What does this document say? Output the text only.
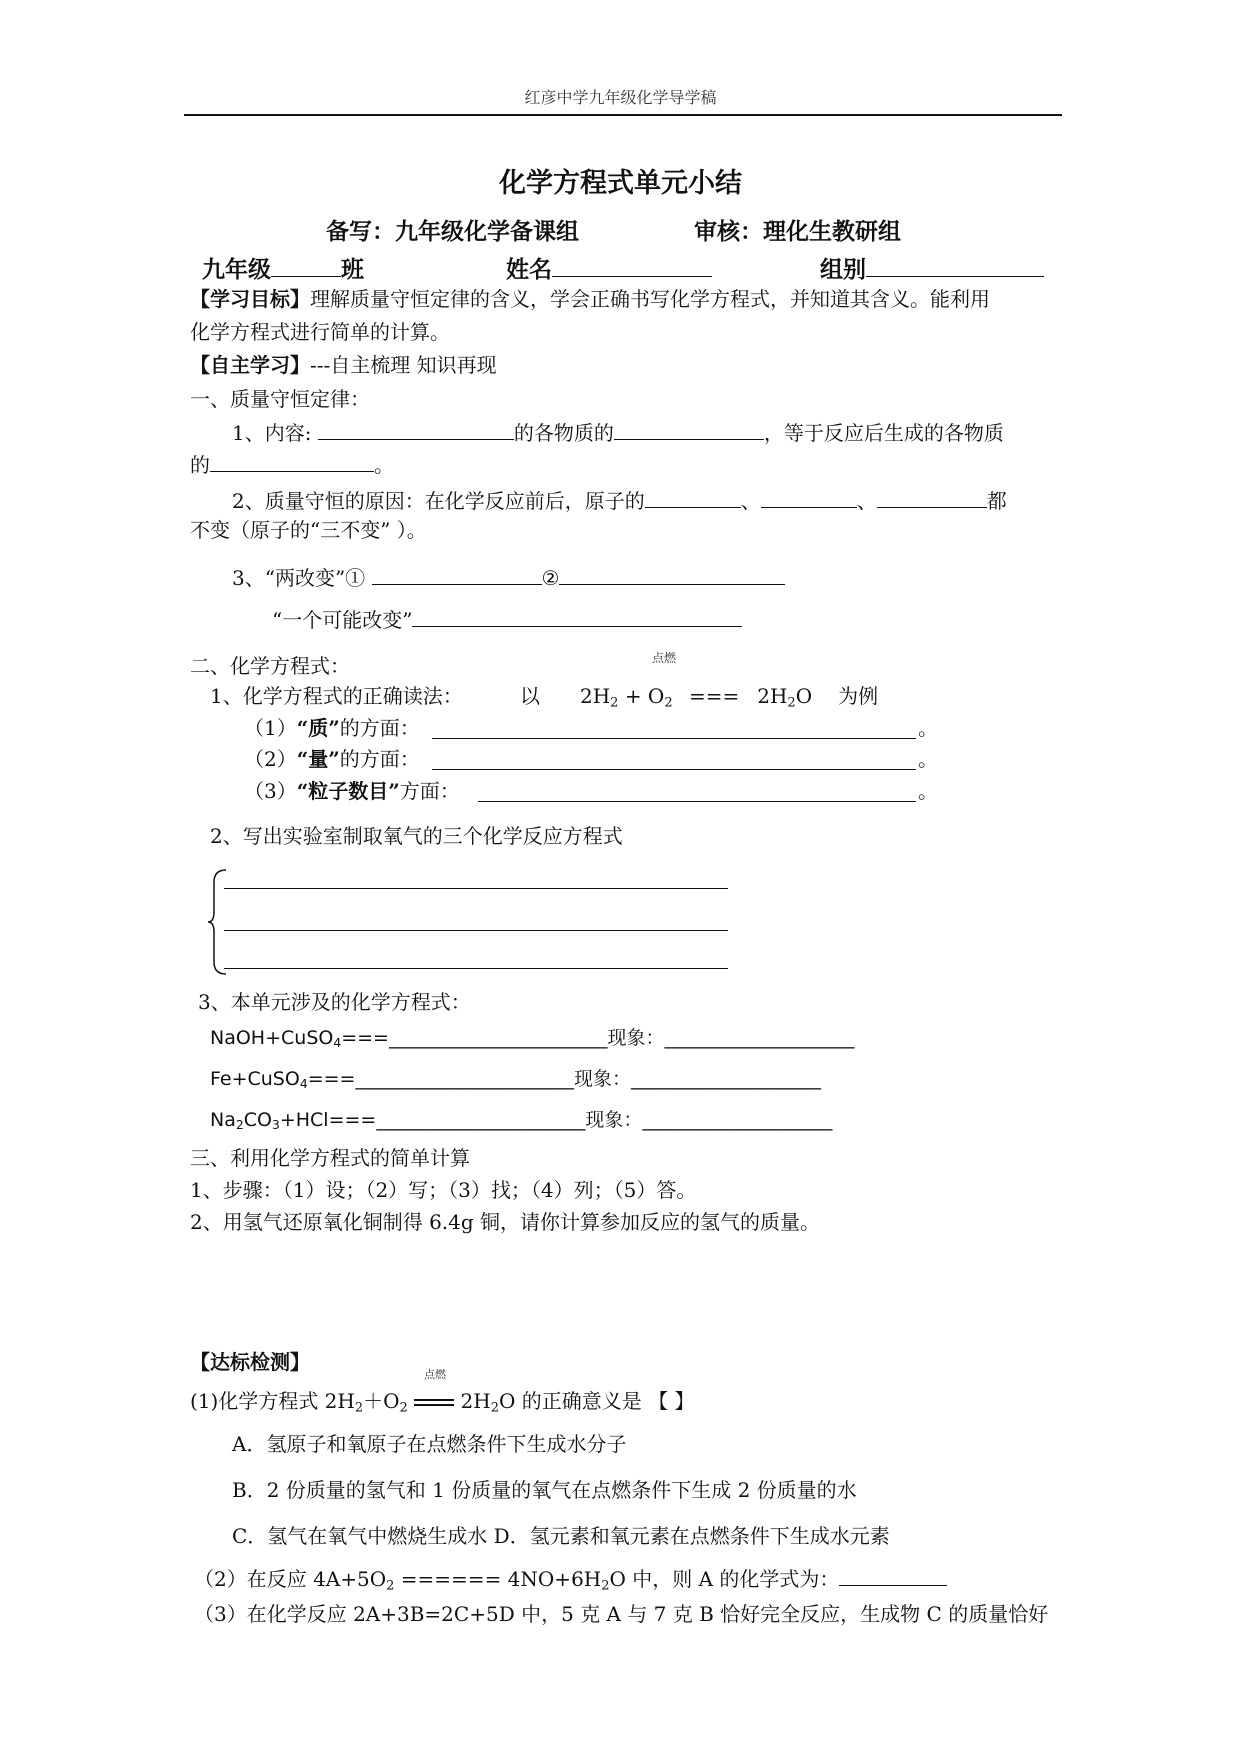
红彦中学九年级化学导学稿
化学方程式单元小结
备写：九年级化学备课组	审核：理化生教研组
九年级	班	姓名	组别
【学习目标】理解质量守恒定律的含义，学会正确书写化学方程式，并知道其含义。能利用
化学方程式进行简单的计算。
【自主学习】---自主梳理 知识再现
一、质量守恒定律：
1、内容:	的各物质的	，等于反应后生成的各物质
的	。
2、质量守恒的原因：在化学反应前后，原子的	、	、	都
不变（原子的“三不变” ）。
3、“两改变”①	②
“一个可能改变”
二、化学方程式：	点燃
1、化学方程式的正确读法：	以 $2H_2 + O_2$ === $2H_2O$ 为例
（1）“质”的方面：	。
（2）“量”的方面：	。
（3）“粒子数目”方面：	。
2、写出实验室制取氧气的三个化学反应方程式
3、本单元涉及的化学方程式：
NaOH+CuSO$_4$===_______________________现象：____________________
Fe+CuSO$_4$===_______________________现象：____________________
$Na_2CO_3+HCl===\_\_\_\_\_\_\_\_\_\_\_\_\_\_\_\_\_\_\_\_\_\_$现象：____________________
三、利用化学方程式的简单计算
1、步骤：（1）设；（2）写；（3）找；（4）列；（5）答。
2、用氢气还原氧化铜制得 6.4g 铜，请你计算参加反应的氢气的质量。
【达标检测】
点燃
(1)化学方程式 $2H_2+O_2$	$2H_2O$ 的正确意义是 【 】
A．氢原子和氧原子在点燃条件下生成水分子
B．2 份质量的氢气和 1 份质量的氧气在点燃条件下生成 2 份质量的水
C．氢气在氧气中燃烧生成水 D．氢元素和氧元素在点燃条件下生成水元素
（2）在反应 $4A+5O_2$ ====== $4NO+6H_2O$ 中，则 A 的化学式为：
（3）在化学反应 2A+3B=2C+5D 中，5 克 A 与 7 克 B 恰好完全反应，生成物 C 的质量恰好
